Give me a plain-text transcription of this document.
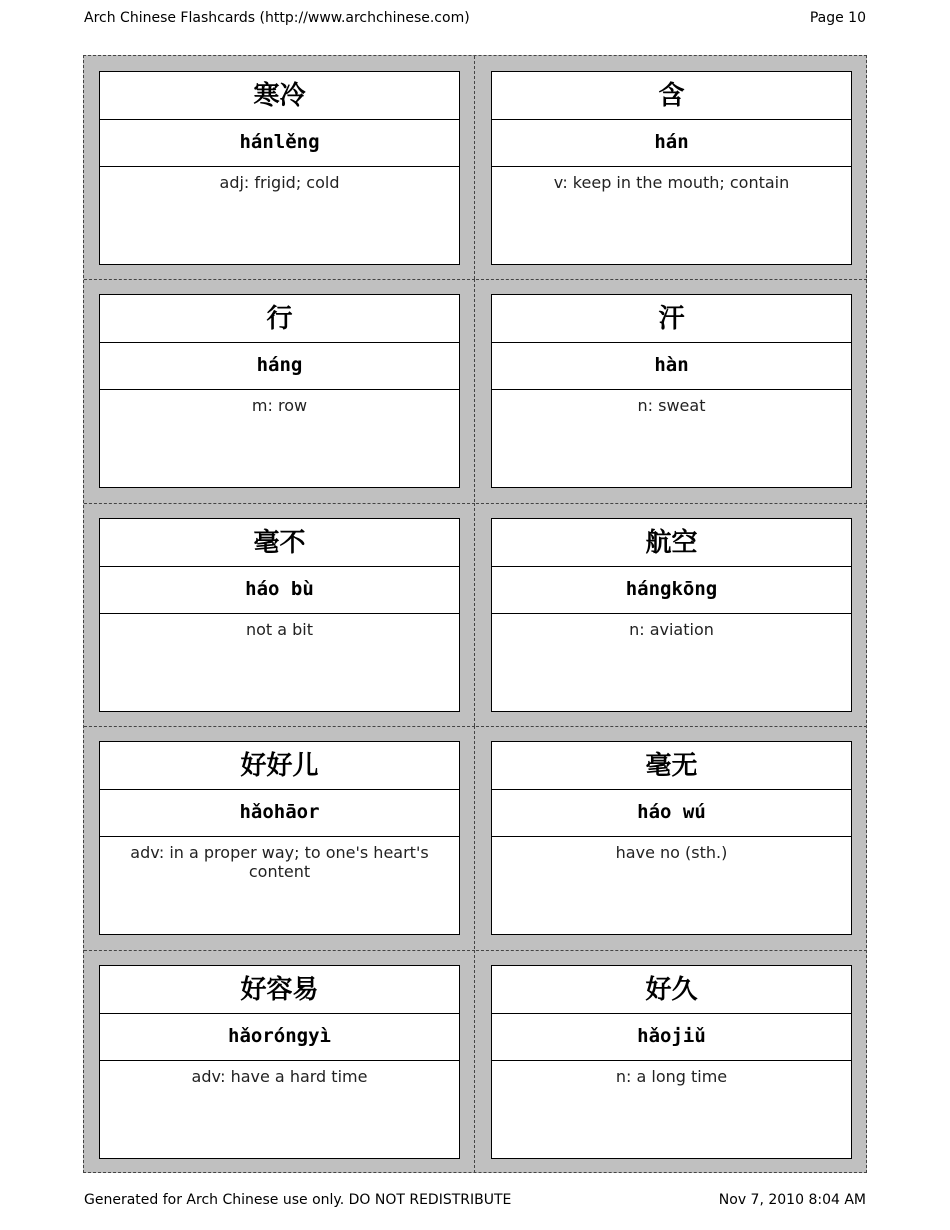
Arch Chinese Flashcards (http://www.archchinese.com)	Page 10
寒冷
hánlěng
adj: frigid; cold
含
hán
v: keep in the mouth; contain
行
háng
m: row
汗
hàn
n: sweat
毫不
háo bù
not a bit
航空
hángkōng
n: aviation
好好儿
hǎohāor
adv: in a proper way; to one's heart's content
毫无
háo wú
have no (sth.)
好容易
hǎoróngyì
adv: have a hard time
好久
hǎojiǔ
n: a long time
Generated for Arch Chinese use only. DO NOT REDISTRIBUTE	Nov 7, 2010 8:04 AM
